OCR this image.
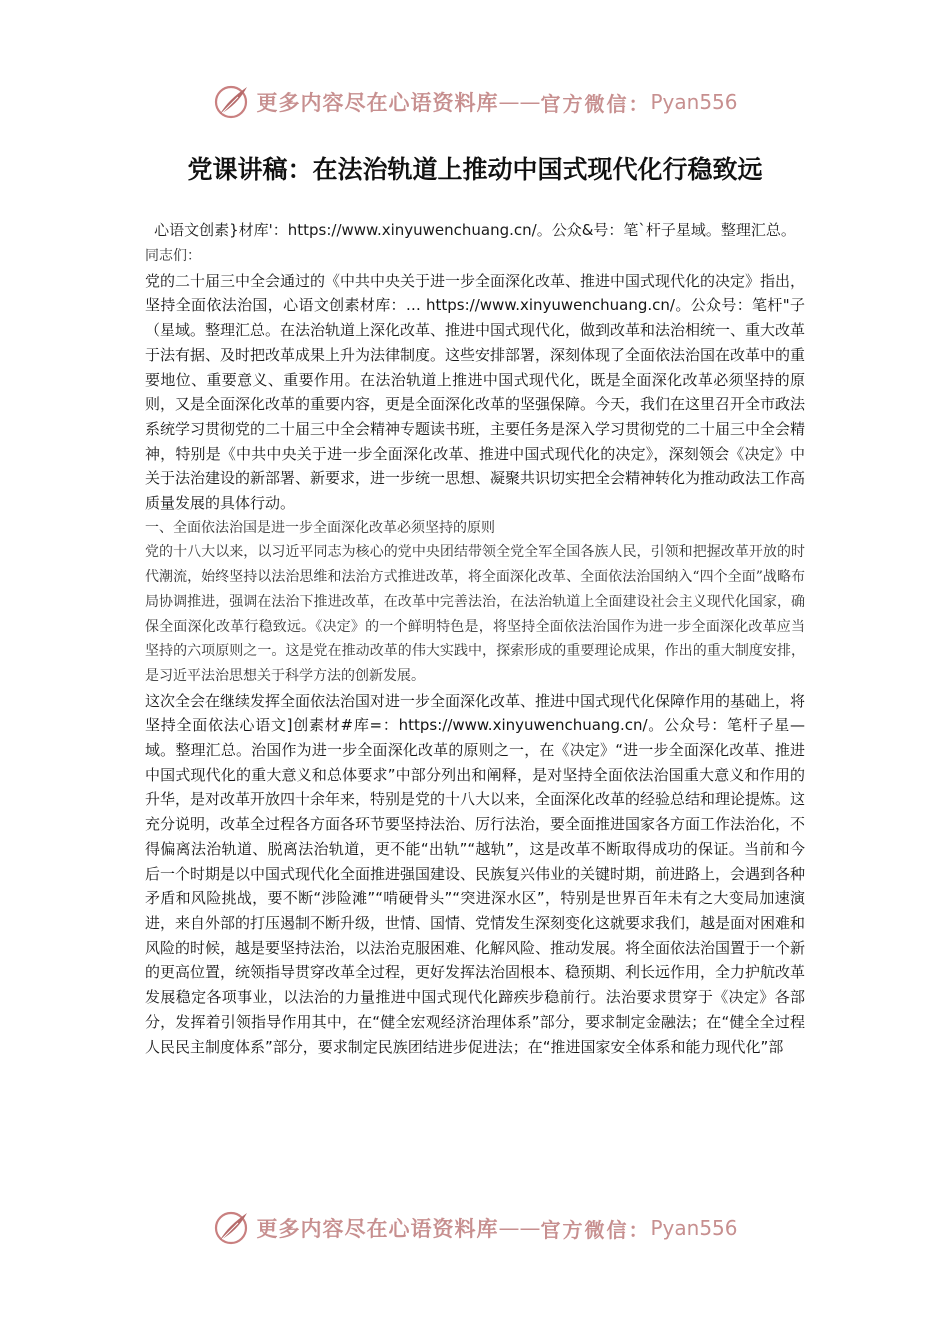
更多内容尽在心语资料库 —— 官方微信： Pyan556
党课讲稿：在法治轨道上推动中国式现代化行稳致远
心语文创素}材库'：https://www.xinyuwenchuang.cn/。公众&号：笔`杆子星域。整理汇总。

同志们：

党的二十届三中全会通过的《中共中央关于进一步全面深化改革、推进中国式现代化的决定》指出，坚持全面依法治国，心语文创素材库：… https://www.xinyuwenchuang.cn/。公众号：笔杆"子（星域。整理汇总。在法治轨道上深化改革、推进中国式现代化，做到改革和法治相统一、重大改革于法有据、及时把改革成果上升为法律制度。这些安排部署，深刻体现了全面依法治国在改革中的重要地位、重要意义、重要作用。在法治轨道上推进中国式现代化，既是全面深化改革必须坚持的原则，又是全面深化改革的重要内容，更是全面深化改革的坚强保障。今天，我们在这里召开全市政法系统学习贯彻党的二十届三中全会精神专题读书班，主要任务是深入学习贯彻党的二十届三中全会精神，特别是《中共中央关于进一步全面深化改革、推进中国式现代化的决定》，深刻领会《决定》中关于法治建设的新部署、新要求，进一步统一思想、凝聚共识切实把全会精神转化为推动政法工作高质量发展的具体行动。

一、全面依法治国是进一步全面深化改革必须坚持的原则

党的十八大以来，以习近平同志为核心的党中央团结带领全党全军全国各族人民，引领和把握改革开放的时代潮流，始终坚持以法治思维和法治方式推进改革，将全面深化改革、全面依法治国纳入“四个全面”战略布局协调推进，强调在法治下推进改革，在改革中完善法治，在法治轨道上全面建设社会主义现代化国家，确保全面深化改革行稳致远。《决定》的一个鲜明特色是，将坚持全面依法治国作为进一步全面深化改革应当坚持的六项原则之一。这是党在推动改革的伟大实践中，探索形成的重要理论成果，作出的重大制度安排，是习近平法治思想关于科学方法的创新发展。

这次全会在继续发挥全面依法治国对进一步全面深化改革、推进中国式现代化保障作用的基础上，将坚持全面依法心语文]创素材#库=：https://www.xinyuwenchuang.cn/。公众号：笔杆子星—域。整理汇总。治国作为进一步全面深化改革的原则之一，在《决定》“进一步全面深化改革、推进中国式现代化的重大意义和总体要求”中部分列出和阐释，是对坚持全面依法治国重大意义和作用的升华，是对改革开放四十余年来，特别是党的十八大以来，全面深化改革的经验总结和理论提炼。这充分说明，改革全过程各方面各环节要坚持法治、厉行法治，要全面推进国家各方面工作法治化，不得偏离法治轨道、脱离法治轨道，更不能“出轨”“越轨”，这是改革不断取得成功的保证。当前和今后一个时期是以中国式现代化全面推进强国建设、民族复兴伟业的关键时期，前进路上，会遇到各种矛盾和风险挑战，要不断“涉险滩”“啃硬骨头”“突进深水区”，特别是世界百年未有之大变局加速演进，来自外部的打压遏制不断升级，世情、国情、党情发生深刻变化这就要求我们，越是面对困难和风险的时候，越是要坚持法治，以法治克服困难、化解风险、推动发展。将全面依法治国置于一个新的更高位置，统领指导贯穿改革全过程，更好发挥法治固根本、稳预期、利长远作用，全力护航改革发展稳定各项事业，以法治的力量推进中国式现代化蹄疾步稳前行。法治要求贯穿于《决定》各部分，发挥着引领指导作用其中，在“健全宏观经济治理体系”部分，要求制定金融法；在“健全全过程人民民主制度体系”部分，要求制定民族团结进步促进法；在“推进国家安全体系和能力现代化”部

更多内容尽在心语资料库 —— 官方微信： Pyan556
